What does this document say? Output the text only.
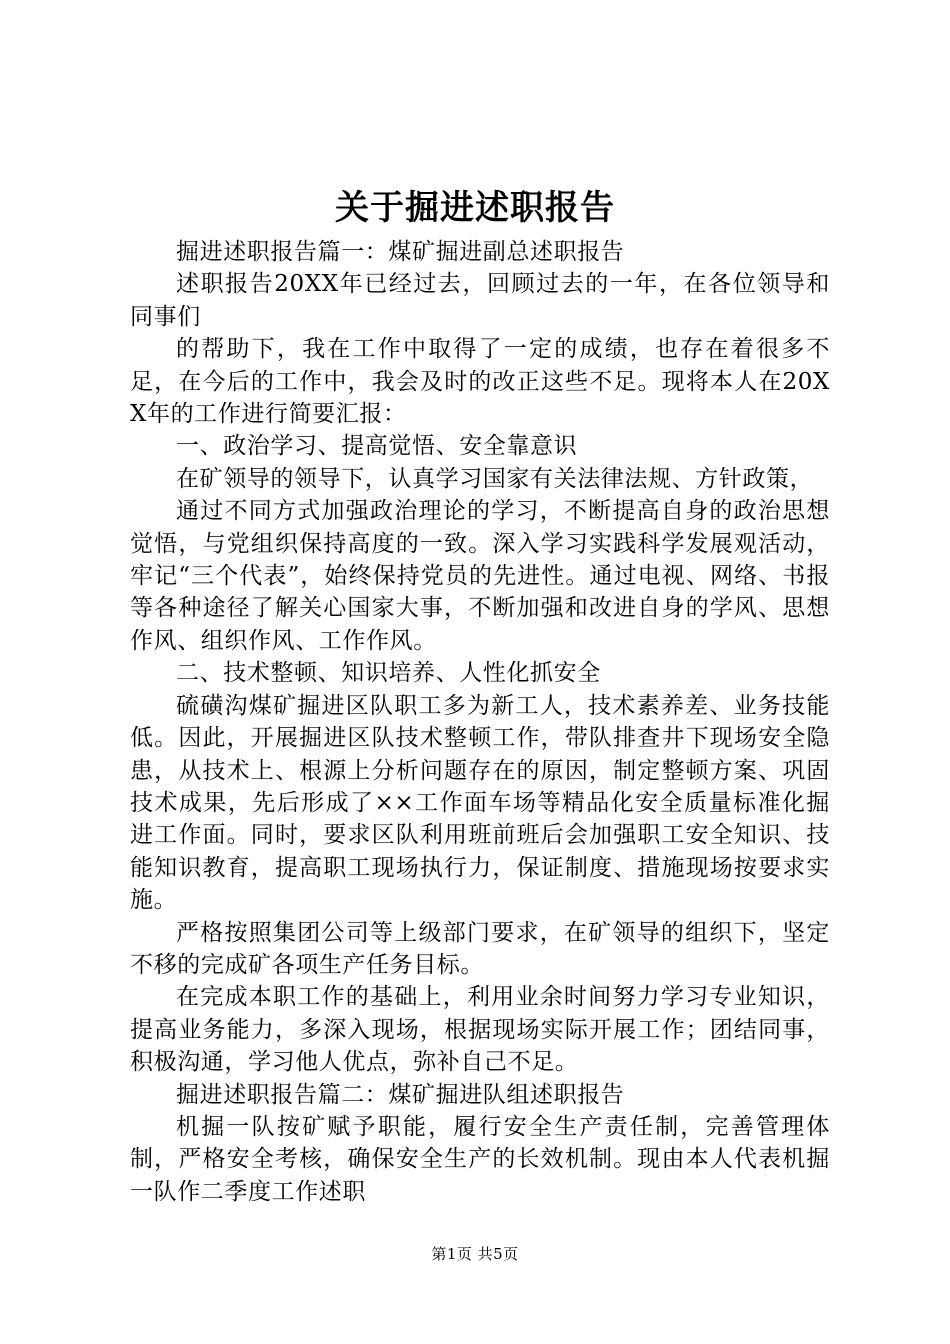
关于掘进述职报告

掘进述职报告篇一：煤矿掘进副总述职报告

述职报告20XX年已经过去，回顾过去的一年，在各位领导和同事们

的帮助下，我在工作中取得了一定的成绩，也存在着很多不足，在今后的工作中，我会及时的改正这些不足。现将本人在20XX年的工作进行简要汇报：

一、政治学习、提高觉悟、安全靠意识

在矿领导的领导下，认真学习国家有关法律法规、方针政策，

通过不同方式加强政治理论的学习，不断提高自身的政治思想觉悟，与党组织保持高度的一致。深入学习实践科学发展观活动，牢记“三个代表”，始终保持党员的先进性。通过电视、网络、书报等各种途径了解关心国家大事，不断加强和改进自身的学风、思想作风、组织作风、工作作风。

二、技术整顿、知识培养、人性化抓安全

硫磺沟煤矿掘进区队职工多为新工人，技术素养差、业务技能低。因此，开展掘进区队技术整顿工作，带队排查井下现场安全隐患，从技术上、根源上分析问题存在的原因，制定整顿方案、巩固技术成果，先后形成了××工作面车场等精品化安全质量标准化掘进工作面。同时，要求区队利用班前班后会加强职工安全知识、技能知识教育，提高职工现场执行力，保证制度、措施现场按要求实施。

严格按照集团公司等上级部门要求，在矿领导的组织下，坚定不移的完成矿各项生产任务目标。

在完成本职工作的基础上，利用业余时间努力学习专业知识，提高业务能力，多深入现场，根据现场实际开展工作；团结同事，积极沟通，学习他人优点，弥补自己不足。

掘进述职报告篇二：煤矿掘进队组述职报告

机掘一队按矿赋予职能，履行安全生产责任制，完善管理体制，严格安全考核，确保安全生产的长效机制。现由本人代表机掘一队作二季度工作述职

第1页 共5页
